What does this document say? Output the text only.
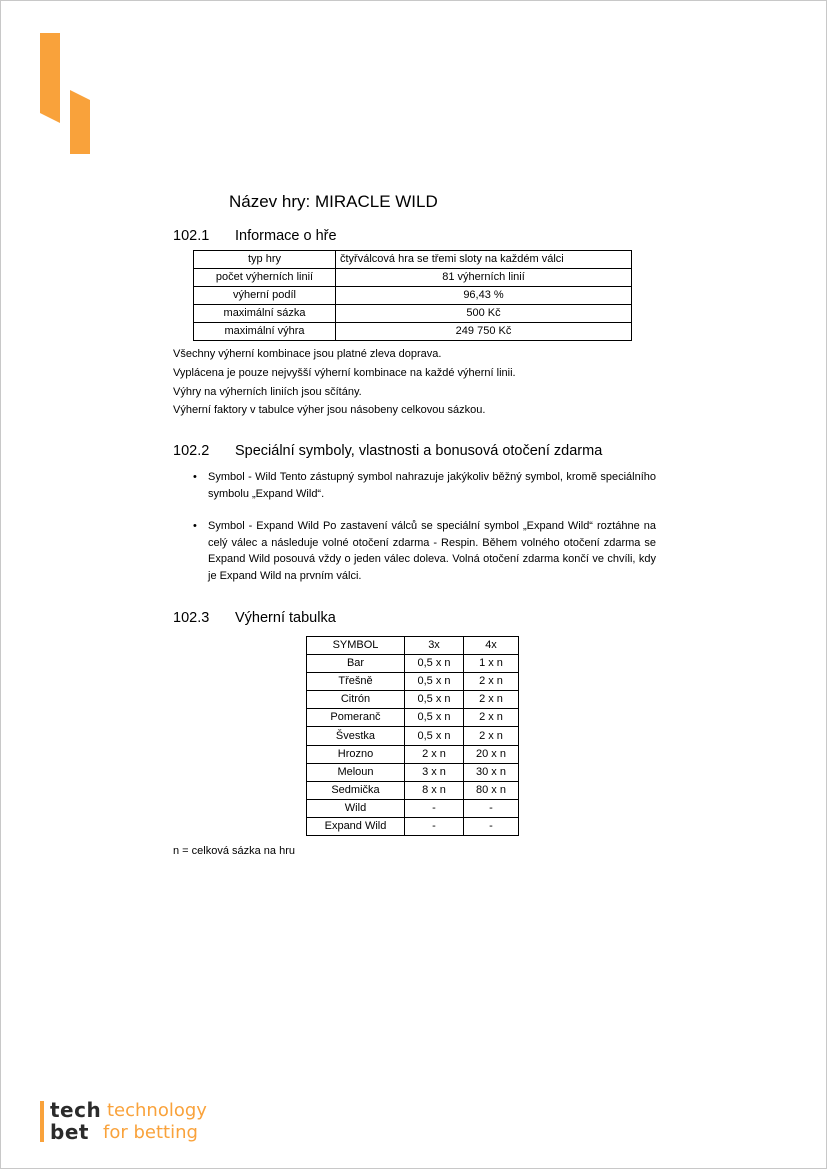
Název hry: MIRACLE WILD
102.1 Informace o hře
typ hry	čtyřválcová hra se třemi sloty na každém válci
počet výherních linií	81 výherních linií
výherní podíl	96,43 %
maximální sázka	500 Kč
maximální výhra	249 750 Kč

Všechny výherní kombinace jsou platné zleva doprava.

Vyplácena je pouze nejvyšší výherní kombinace na každé výherní linii.

Výhry na výherních liniích jsou sčítány.

Výherní faktory v tabulce výher jsou násobeny celkovou sázkou.

102.2 Speciální symboly, vlastnosti a bonusová otočení zdarma
• Symbol - Wild Tento zástupný symbol nahrazuje jakýkoliv běžný symbol, kromě speciálního symbolu „Expand Wild“.
• Symbol - Expand Wild Po zastavení válců se speciální symbol „Expand Wild“ roztáhne na celý válec a následuje volné otočení zdarma - Respin. Během volného otočení zdarma se Expand Wild posouvá vždy o jeden válec doleva. Volná otočení zdarma končí ve chvíli, kdy je Expand Wild na prvním válci.
102.3 Výherní tabulka
SYMBOL	3x	4x
Bar	0,5 x n	1 x n
Třešně	0,5 x n	2 x n
Citrón	0,5 x n	2 x n
Pomeranč	0,5 x n	2 x n
Švestka	0,5 x n	2 x n
Hrozno	2 x n	20 x n
Meloun	3 x n	30 x n
Sedmička	8 x n	80 x n
Wild	-	-
Expand Wild	-	-
n = celková sázka na hru
tech
bet
technology
for betting
